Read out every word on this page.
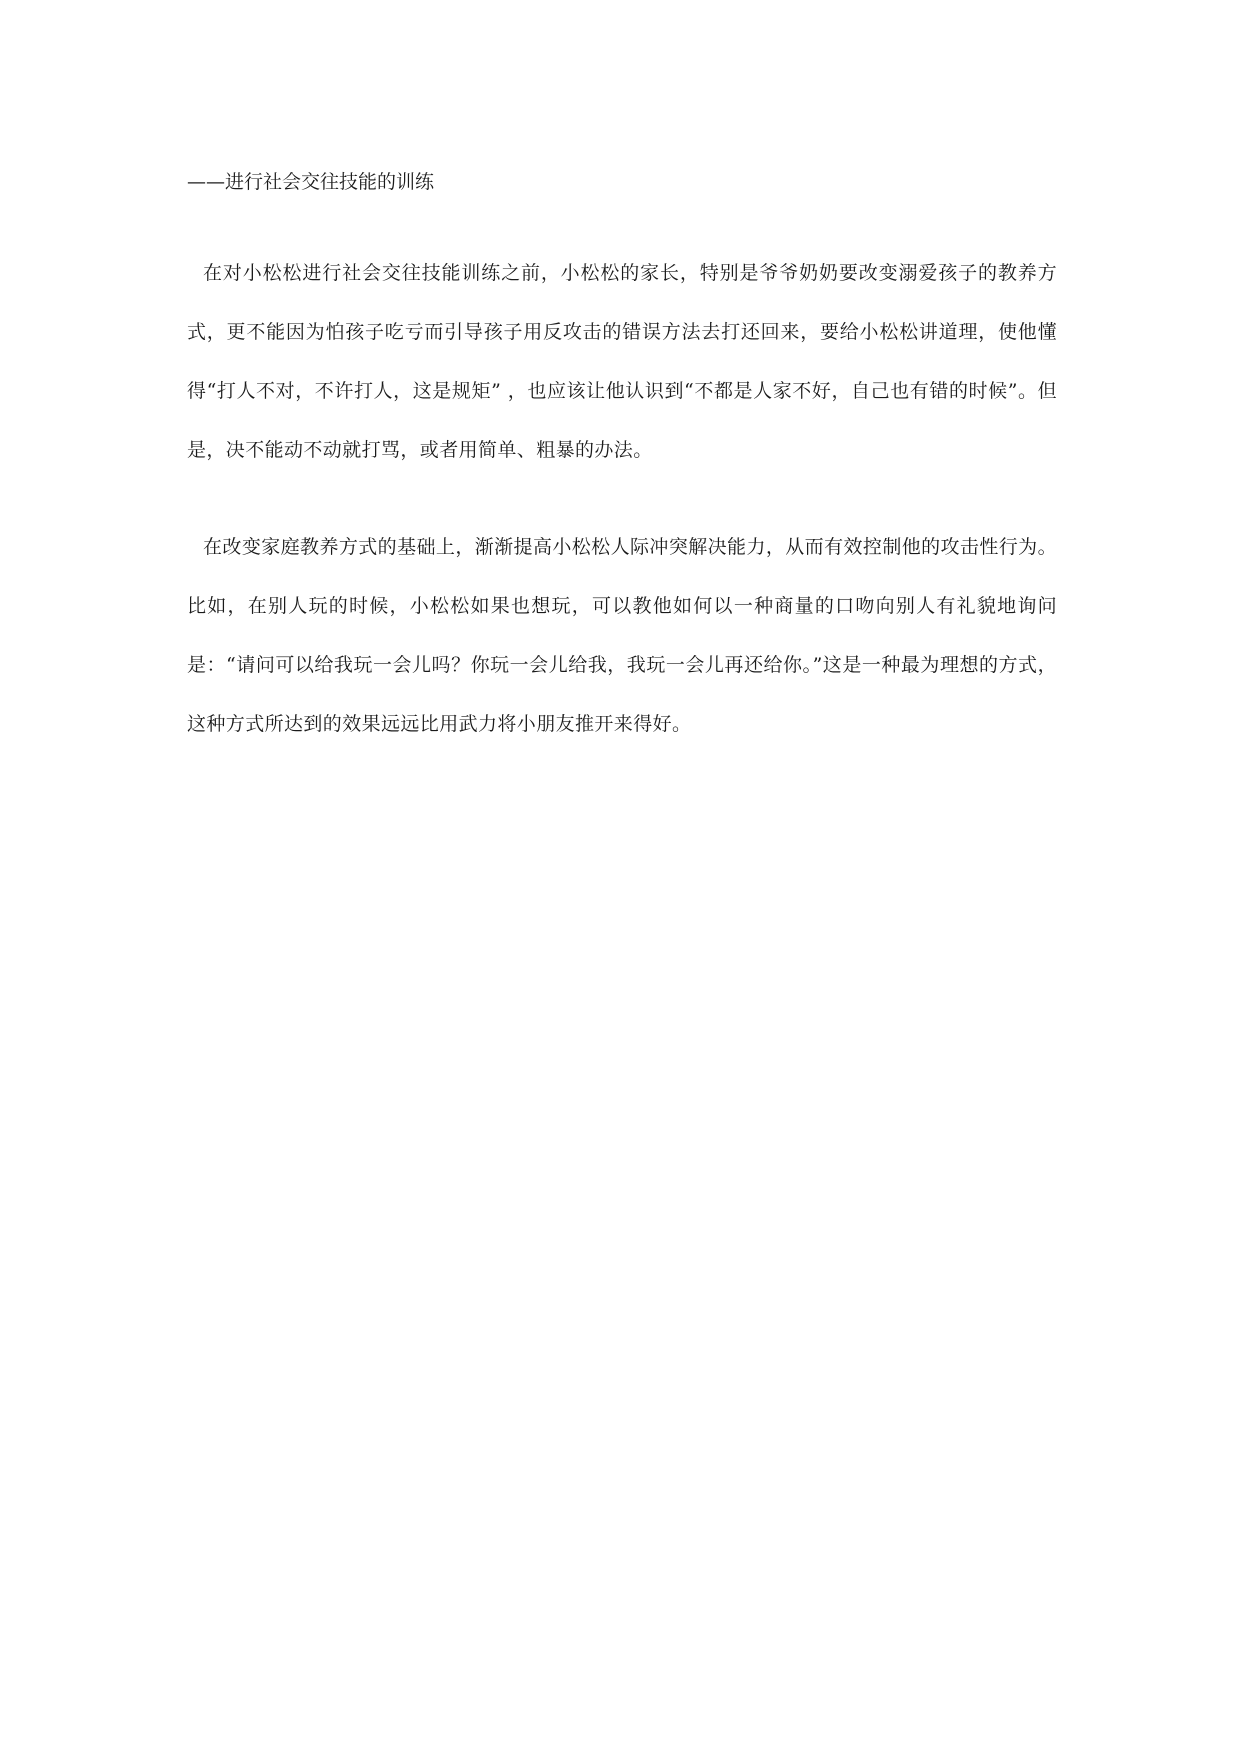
——进行社会交往技能的训练

在对小松松进行社会交往技能训练之前，小松松的家长，特别是爷爷奶奶要改变溺爱孩子的教养方式，更不能因为怕孩子吃亏而引导孩子用反攻击的错误方法去打还回来，要给小松松讲道理，使他懂得“打人不对，不许打人，这是规矩” ，也应该让他认识到“不都是人家不好，自己也有错的时候”。但是，决不能动不动就打骂，或者用简单、粗暴的办法。

在改变家庭教养方式的基础上，渐渐提高小松松人际冲突解决能力，从而有效控制他的攻击性行为。比如，在别人玩的时候，小松松如果也想玩，可以教他如何以一种商量的口吻向别人有礼貌地询问是：“请问可以给我玩一会儿吗？你玩一会儿给我，我玩一会儿再还给你。”这是一种最为理想的方式，这种方式所达到的效果远远比用武力将小朋友推开来得好。
